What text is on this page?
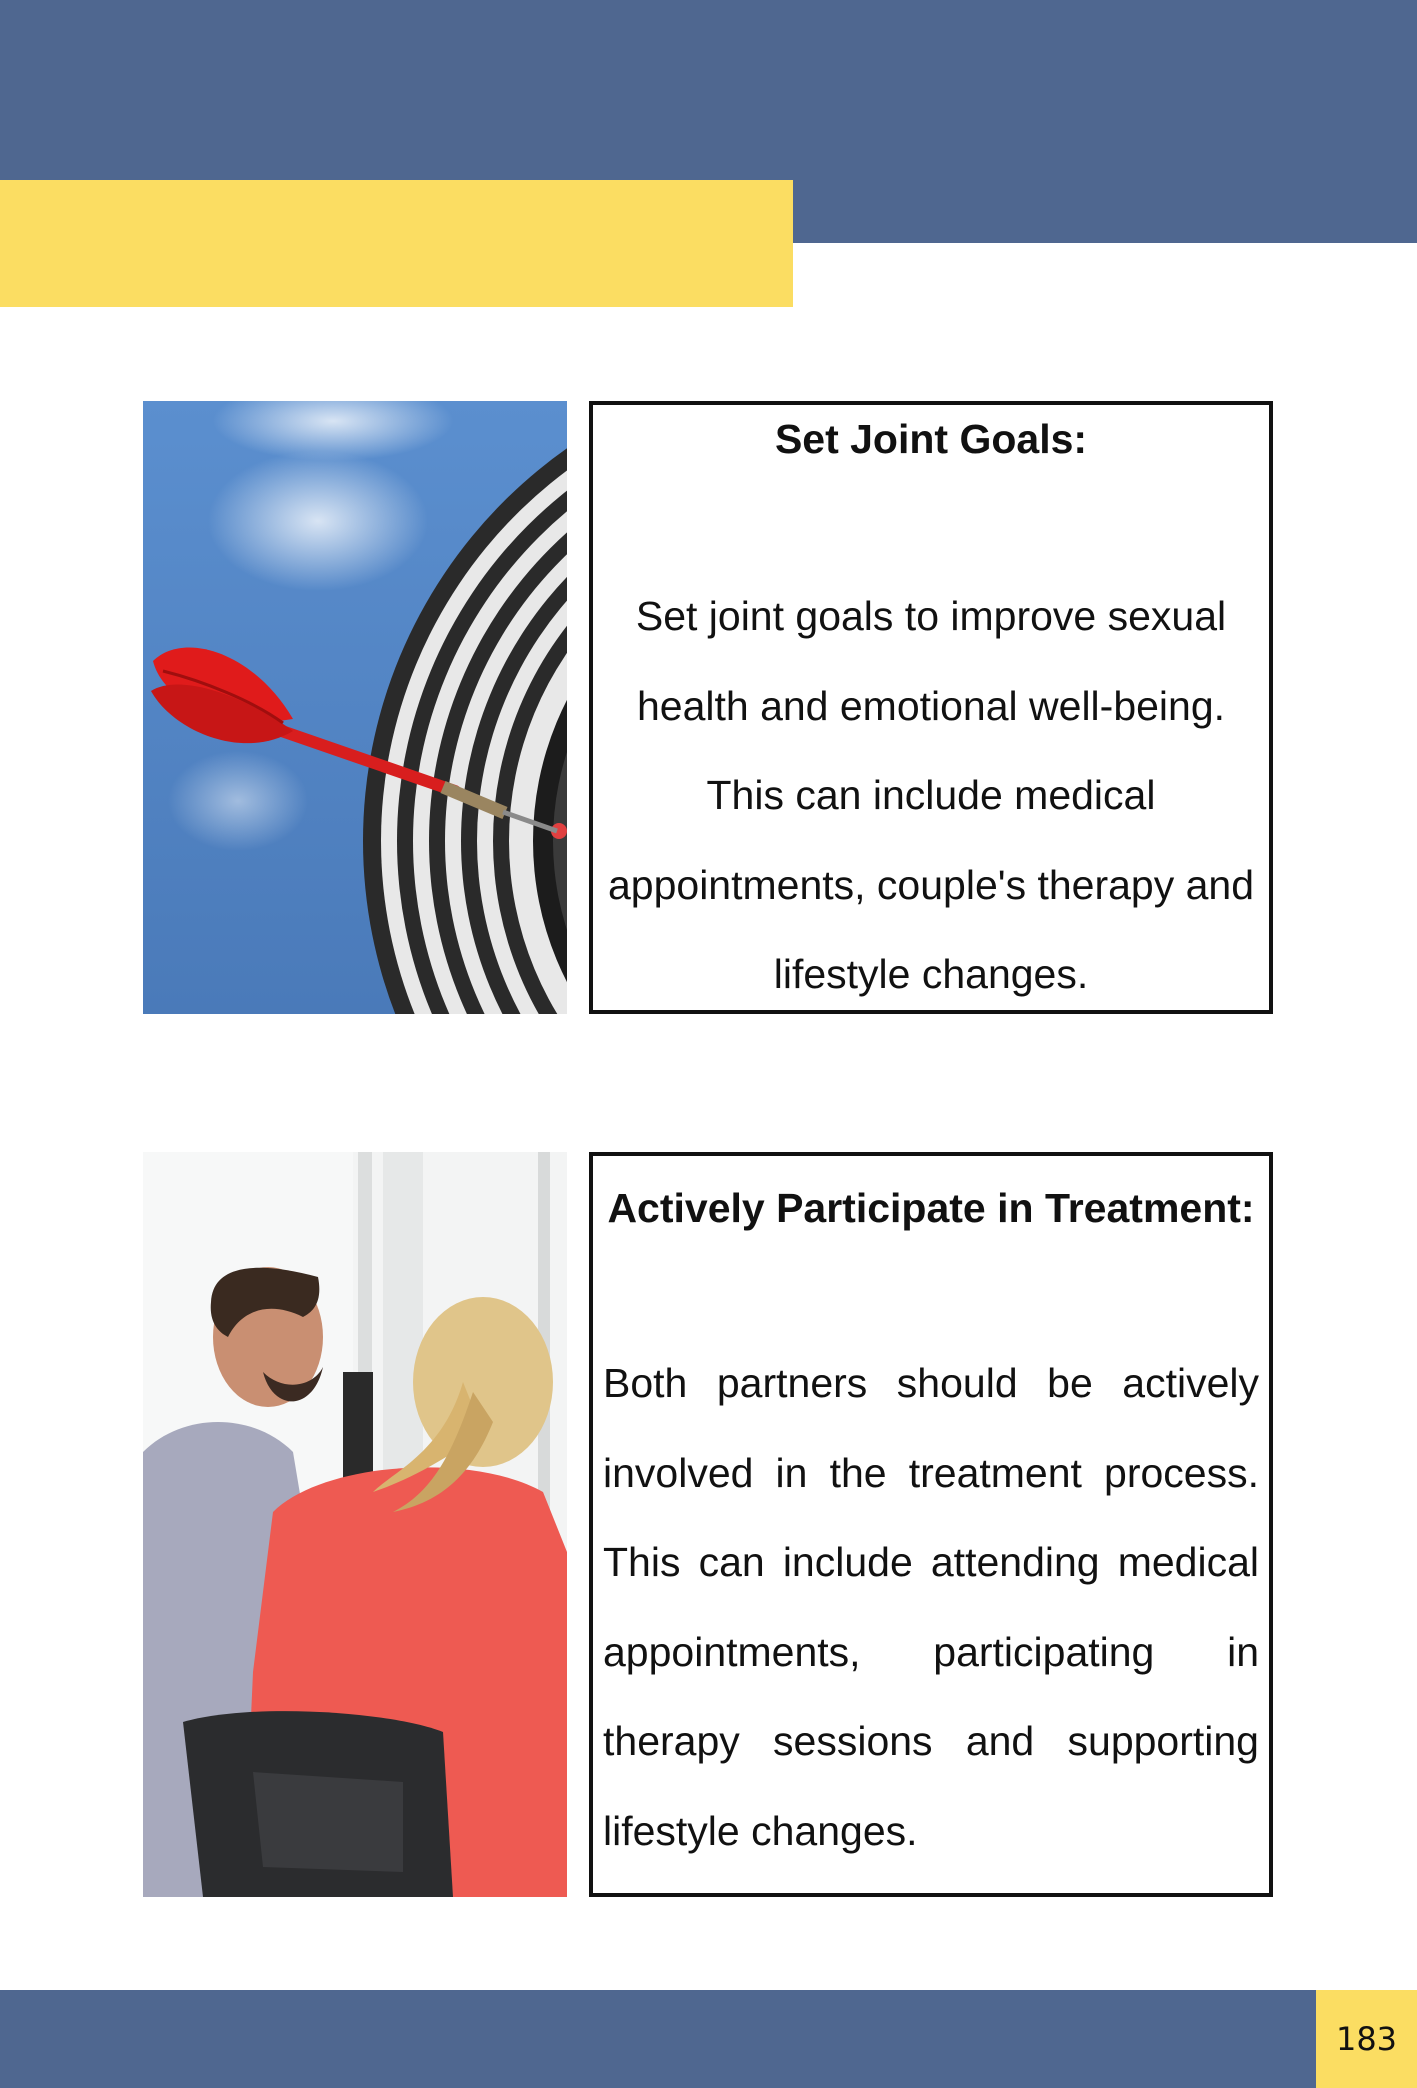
Set Joint Goals:

Set joint goals to improve sexual health and emotional well-being. This can include medical appointments, couple's therapy and lifestyle changes.

Actively Participate in Treatment:

Both partners should be actively involved in the treatment process. This can include attending medical appointments, participating in therapy sessions and supporting lifestyle changes.

183
